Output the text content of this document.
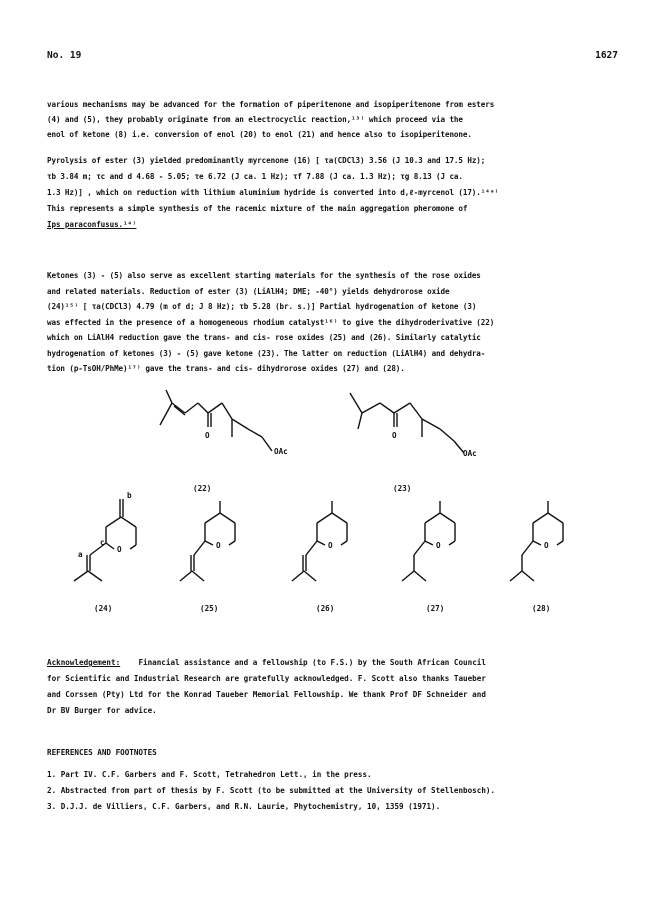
No. 19	1627
various mechanisms may be advanced for the formation of piperitenone and isopiperitenone from esters
(4) and (5), they probably originate from an electrocyclic reaction,¹³⁾ which proceed via the
enol of ketone (8) i.e. conversion of enol (20) to enol (21) and hence also to isopiperitenone.
Pyrolysis of ester (3) yielded predominantly myrcenone (16) [ τa(CDCl3) 3.56 (J 10.3 and 17.5 Hz);
τb 3.84 m; τc and d 4.68 - 5.05; τe 6.72 (J ca. 1 Hz); τf 7.88 (J ca. 1.3 Hz); τg 8.13 (J ca.
1.3 Hz)] , which on reduction with lithium aluminium hydride is converted into d,ℓ-myrcenol (17).¹⁴ᵃ⁾
This represents a simple synthesis of the racemic mixture of the main aggregation pheromone of
Ips paraconfusus.¹⁴⁾
Ketones (3) - (5) also serve as excellent starting materials for the synthesis of the rose oxides
and related materials. Reduction of ester (3) (LiAlH4; DME; -40°) yields dehydrorose oxide
(24)¹⁵⁾ [ τa(CDCl3) 4.79 (m of d; J 8 Hz); τb 5.28 (br. s.)] Partial hydrogenation of ketone (3)
was effected in the presence of a homogeneous rhodium catalyst¹⁶⁾ to give the dihydroderivative (22)
which on LiAlH4 reduction gave the trans- and cis- rose oxides (25) and (26). Similarly catalytic
hydrogenation of ketones (3) - (5) gave ketone (23). The latter on reduction (LiAlH4) and dehydra-
tion (p-TsOH/PhMe)¹⁷⁾ gave the trans- and cis- dihydrorose oxides (27) and (28).
O
OAc
(22)
O
OAc
(23)
O
b
c
a
(24)
O
(25)
O
(26)
O
(27)
O
(28)
Acknowledgement: Financial assistance and a fellowship (to F.S.) by the South African Council
for Scientific and Industrial Research are gratefully acknowledged. F. Scott also thanks Taueber
and Corssen (Pty) Ltd for the Konrad Taueber Memorial Fellowship. We thank Prof DF Schneider and
Dr BV Burger for advice.
REFERENCES AND FOOTNOTES
1. Part IV. C.F. Garbers and F. Scott, Tetrahedron Lett., in the press.
2. Abstracted from part of thesis by F. Scott (to be submitted at the University of Stellenbosch).
3. D.J.J. de Villiers, C.F. Garbers, and R.N. Laurie, Phytochemistry, 10, 1359 (1971).
